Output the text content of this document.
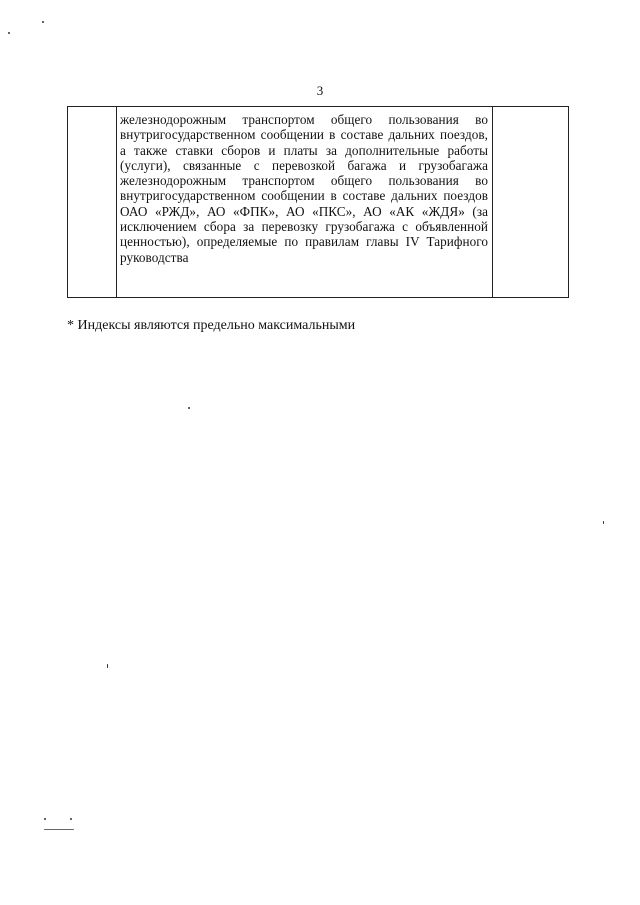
3

железнодорожным транспортом общего пользования во внутригосударственном сообщении в составе дальних поездов, а также ставки сборов и платы за дополнительные работы (услуги), связанные с перевозкой багажа и грузобагажа железнодорожным транспортом общего пользования во внутригосударственном сообщении в составе дальних поездов ОАО «РЖД», АО «ФПК», АО «ПКС», АО «АК «ЖДЯ» (за исключением сбора за перевозку грузобагажа с объявленной ценностью), определяемые по правилам главы IV Тарифного руководства

* Индексы являются предельно максимальными
